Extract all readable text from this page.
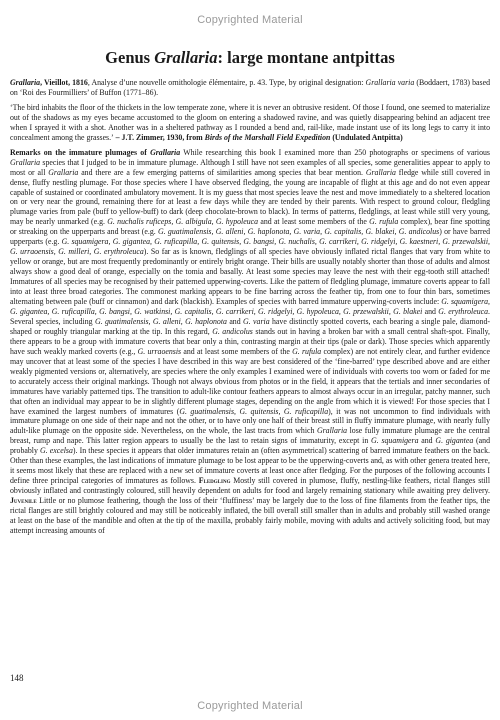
Copyrighted Material
Genus Grallaria: large montane antpittas

Grallaria, Vieillot, 1816, Analyse d’une nouvelle ornithologie élémentaire, p. 43. Type, by original designation: Grallaria varia (Boddaert, 1783) based on ‘Roi des Fourmilliers’ of Buffon (1771–86).

‘The bird inhabits the floor of the thickets in the low temperate zone, where it is never an obtrusive resident. Of those I found, one seemed to materialize out of the shadows as my eyes became accustomed to the gloom on entering a shadowed ravine, and was quietly disappearing behind an adjacent tree when I sprayed it with a shot. Another was in a sheltered pathway as I rounded a bend and, rail-like, made instant use of its long legs to carry it into concealment among the grasses.’ – J.T. Zimmer, 1930, from Birds of the Marshall Field Expedition (Undulated Antpitta)

Remarks on the immature plumages of Grallaria While researching this book I examined more than 250 photographs or specimens of various Grallaria species that I judged to be in immature plumage. Although I still have not seen examples of all species, some generalities appear to apply to most or all Grallaria and there are a few emerging patterns of similarities among species that bear mention. Grallaria fledge while still covered in dense, fluffy nestling plumage. For those species where I have observed fledging, the young are incapable of flight at this age and do not even appear capable of sustained or coordinated ambulatory movement. It is my guess that most species leave the nest and move immediately to a sheltered location on or very near the ground, remaining there for at least a few days while they are tended by their parents. With respect to ground colour, fledgling plumage varies from pale (buff to yellow-buff) to dark (deep chocolate-brown to black). In terms of patterns, fledglings, at least while still very young, may be nearly unmarked (e.g. G. nuchalis ruficeps, G. albigula, G. hypoleuca and at least some members of the G. rufula complex), bear fine spotting or streaking on the upperparts and breast (e.g. G. guatimalensis, G. alleni, G. haplonota, G. varia, G. capitalis, G. blakei, G. andicolus) or have barred upperparts (e.g. G. squamigera, G. gigantea, G. ruficapilla, G. quitensis, G. bangsi, G. nuchalis, G. carrikeri, G. ridgelyi, G. kaestneri, G. przewalskii, G. urraoensis, G. milleri, G. erythroleuca). So far as is known, fledglings of all species have obviously inflated rictal flanges that vary from white to yellow or orange, but are most frequently predominantly or entirely bright orange. Their bills are usually notably shorter than those of adults and almost always show a good deal of orange, especially on the tomia and basally. At least some species may leave the nest with their egg-tooth still attached! Immatures of all species may be recognised by their patterned upperwing-coverts. Like the pattern of fledgling plumage, immature coverts appear to fall into at least three broad categories. The commonest marking appears to be fine barring across the feather tip, from one to four thin bars, sometimes alternating between pale (buff or cinnamon) and dark (blackish). Examples of species with barred immature upperwing-coverts include: G. squamigera, G. gigantea, G. ruficapilla, G. bangsi, G. watkinsi, G. capitalis, G. carrikeri, G. ridgelyi, G. hypoleuca, G. przewalskii, G. blakei and G. erythroleuca. Several species, including G. guatimalensis, G. alleni, G. haplonota and G. varia have distinctly spotted coverts, each bearing a single pale, diamond-shaped or roughly triangular marking at the tip. In this regard, G. andicolus stands out in having a broken bar with a small central shaft-spot. Finally, there appears to be a group with immature coverts that bear only a thin, contrasting margin at their tips (pale or dark). Those species which apparently have such weakly marked coverts (e.g., G. urraoensis and at least some members of the G. rufula complex) are not entirely clear, and further evidence may uncover that at least some of the species I have described in this way are best considered of the ‘fine-barred’ type described above and are either weakly pigmented versions or, alternatively, are species where the only examples I examined were of individuals with coverts too worn or faded for me to accurately access their original markings. Though not always obvious from photos or in the field, it appears that the tertials and inner secondaries of immatures have variably patterned tips. The transition to adult-like contour feathers appears to almost always occur in an irregular, patchy manner, such that often an individual may appear to be in slightly different plumage stages, depending on the angle from which it is viewed! For those species that I have examined the largest numbers of immatures (G. guatimalensis, G. quitensis, G. ruficapilla), it was not uncommon to find individuals with immature plumage on one side of their nape and not the other, or to have only one half of their breast still in fluffy immature plumage, with nearly fully adult-like plumage on the opposite side. Nevertheless, on the whole, the last tracts from which Grallaria lose fully immature plumage are the central breast, rump and nape. This latter region appears to usually be the last to retain signs of immaturity, except in G. squamigera and G. gigantea (and probably G. excelsa). In these species it appears that older immatures retain an (often asymmetrical) scattering of barred immature feathers on the back. Other than these examples, the last indications of immature plumage to be lost appear to be the upperwing-coverts and, as with other genera treated here, it seems most likely that these are replaced with a new set of immature coverts at least once after fledging. For the purposes of the following accounts I define three principal categories of immatures as follows. Fledgling Mostly still covered in plumose, fluffy, nestling-like feathers, rictal flanges still obviously inflated and contrastingly coloured, still heavily dependent on adults for food and largely remaining stationary while awaiting prey delivery. Juvenile Little or no plumose feathering, though the loss of their ‘fluffiness’ may be largely due to the loss of fine filaments from the feather tips, the rictal flanges are still brightly coloured and may still be noticeably inflated, the bill overall still smaller than in adults and probably still washed orange at least on the base of the mandible and often at the tip of the maxilla, probably fairly mobile, moving with adults and actively soliciting food, but may attempt increasing amounts of

148
Copyrighted Material
